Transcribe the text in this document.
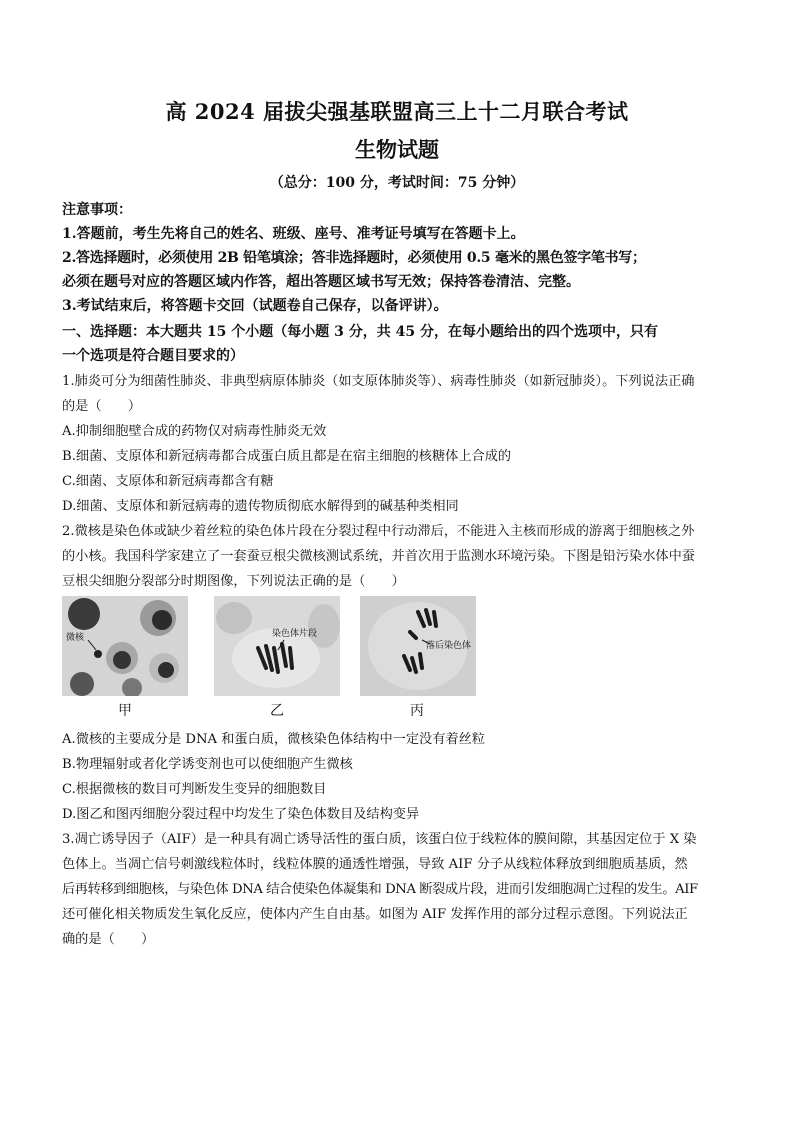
高 2024 届拔尖强基联盟高三上十二月联合考试
生物试题
（总分：100 分，考试时间：75 分钟）
注意事项：
1.答题前，考生先将自己的姓名、班级、座号、准考证号填写在答题卡上。
2.答选择题时，必须使用 2B 铅笔填涂；答非选择题时，必须使用 0.5 毫米的黑色签字笔书写；
必须在题号对应的答题区域内作答，超出答题区域书写无效；保持答卷清洁、完整。
3.考试结束后，将答题卡交回（试题卷自己保存，以备评讲）。
一、选择题：本大题共 15 个小题（每小题 3 分，共 45 分，在每小题给出的四个选项中，只有
一个选项是符合题目要求的）
1.肺炎可分为细菌性肺炎、非典型病原体肺炎（如支原体肺炎等）、病毒性肺炎（如新冠肺炎）。下列说法正确
的是（　　）
A.抑制细胞壁合成的药物仅对病毒性肺炎无效
B.细菌、支原体和新冠病毒都合成蛋白质且都是在宿主细胞的核糖体上合成的
C.细菌、支原体和新冠病毒都含有糖
D.细菌、支原体和新冠病毒的遗传物质彻底水解得到的碱基种类相同
2.微核是染色体或缺少着丝粒的染色体片段在分裂过程中行动滞后，不能进入主核而形成的游离于细胞核之外
的小核。我国科学家建立了一套蚕豆根尖微核测试系统，并首次用于监测水环境污染。下图是铅污染水体中蚕
豆根尖细胞分裂部分时期图像，下列说法正确的是（　　）
微核
甲
染色体片段
乙
落后染色体
丙
A.微核的主要成分是 DNA 和蛋白质，微核染色体结构中一定没有着丝粒
B.物理辐射或者化学诱变剂也可以使细胞产生微核
C.根据微核的数目可判断发生变异的细胞数目
D.图乙和图丙细胞分裂过程中均发生了染色体数目及结构变异
3.凋亡诱导因子（AIF）是一种具有凋亡诱导活性的蛋白质，该蛋白位于线粒体的膜间隙，其基因定位于 X 染
色体上。当凋亡信号刺激线粒体时，线粒体膜的通透性增强，导致 AIF 分子从线粒体释放到细胞质基质，然
后再转移到细胞核，与染色体 DNA 结合使染色体凝集和 DNA 断裂成片段，进而引发细胞凋亡过程的发生。AIF
还可催化相关物质发生氧化反应，使体内产生自由基。如图为 AIF 发挥作用的部分过程示意图。下列说法正
确的是（　　）
